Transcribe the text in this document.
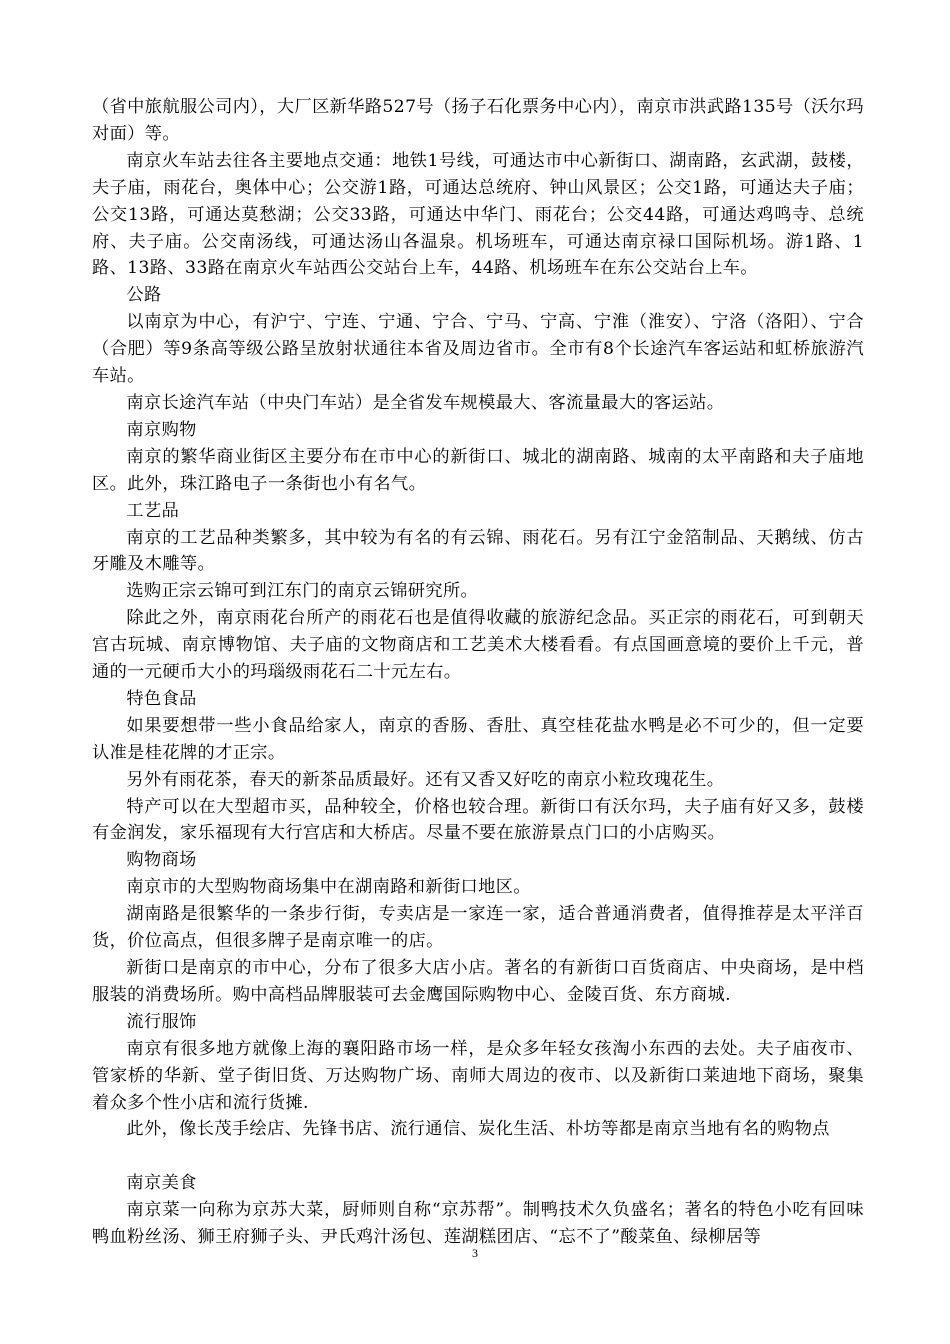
（省中旅航服公司内），大厂区新华路527号（扬子石化票务中心内），南京市洪武路135号（沃尔玛对面）等。

南京火车站去往各主要地点交通：地铁1号线，可通达市中心新街口、湖南路，玄武湖，鼓楼，夫子庙，雨花台，奥体中心；公交游1路，可通达总统府、钟山风景区；公交1路，可通达夫子庙；公交13路，可通达莫愁湖；公交33路，可通达中华门、雨花台；公交44路，可通达鸡鸣寺、总统府、夫子庙。公交南汤线，可通达汤山各温泉。机场班车，可通达南京禄口国际机场。游1路、1路、13路、33路在南京火车站西公交站台上车，44路、机场班车在东公交站台上车。

公路

以南京为中心，有沪宁、宁连、宁通、宁合、宁马、宁高、宁淮（淮安）、宁洛（洛阳）、宁合（合肥）等9条高等级公路呈放射状通往本省及周边省市。全市有8个长途汽车客运站和虹桥旅游汽车站。

南京长途汽车站（中央门车站）是全省发车规模最大、客流量最大的客运站。

南京购物

南京的繁华商业街区主要分布在市中心的新街口、城北的湖南路、城南的太平南路和夫子庙地区。此外，珠江路电子一条街也小有名气。

工艺品

南京的工艺品种类繁多，其中较为有名的有云锦、雨花石。另有江宁金箔制品、天鹅绒、仿古牙雕及木雕等。

选购正宗云锦可到江东门的南京云锦研究所。

除此之外，南京雨花台所产的雨花石也是值得收藏的旅游纪念品。买正宗的雨花石，可到朝天宫古玩城、南京博物馆、夫子庙的文物商店和工艺美术大楼看看。有点国画意境的要价上千元，普通的一元硬币大小的玛瑙级雨花石二十元左右。

特色食品

如果要想带一些小食品给家人，南京的香肠、香肚、真空桂花盐水鸭是必不可少的，但一定要认准是桂花牌的才正宗。

另外有雨花茶，春天的新茶品质最好。还有又香又好吃的南京小粒玫瑰花生。

特产可以在大型超市买，品种较全，价格也较合理。新街口有沃尔玛，夫子庙有好又多，鼓楼有金润发，家乐福现有大行宫店和大桥店。尽量不要在旅游景点门口的小店购买。

购物商场

南京市的大型购物商场集中在湖南路和新街口地区。

湖南路是很繁华的一条步行街，专卖店是一家连一家，适合普通消费者，值得推荐是太平洋百货，价位高点，但很多牌子是南京唯一的店。

新街口是南京的市中心，分布了很多大店小店。著名的有新街口百货商店、中央商场，是中档服装的消费场所。购中高档品牌服装可去金鹰国际购物中心、金陵百货、东方商城.

流行服饰

南京有很多地方就像上海的襄阳路市场一样，是众多年轻女孩淘小东西的去处。夫子庙夜市、管家桥的华新、堂子街旧货、万达购物广场、南师大周边的夜市、以及新街口莱迪地下商场，聚集着众多个性小店和流行货摊.

此外，像长茂手绘店、先锋书店、流行通信、炭化生活、朴坊等都是南京当地有名的购物点

南京美食

南京菜一向称为京苏大菜，厨师则自称“京苏帮”。制鸭技术久负盛名；著名的特色小吃有回味鸭血粉丝汤、狮王府狮子头、尹氏鸡汁汤包、莲湖糕团店、“忘不了”酸菜鱼、绿柳居等

3
